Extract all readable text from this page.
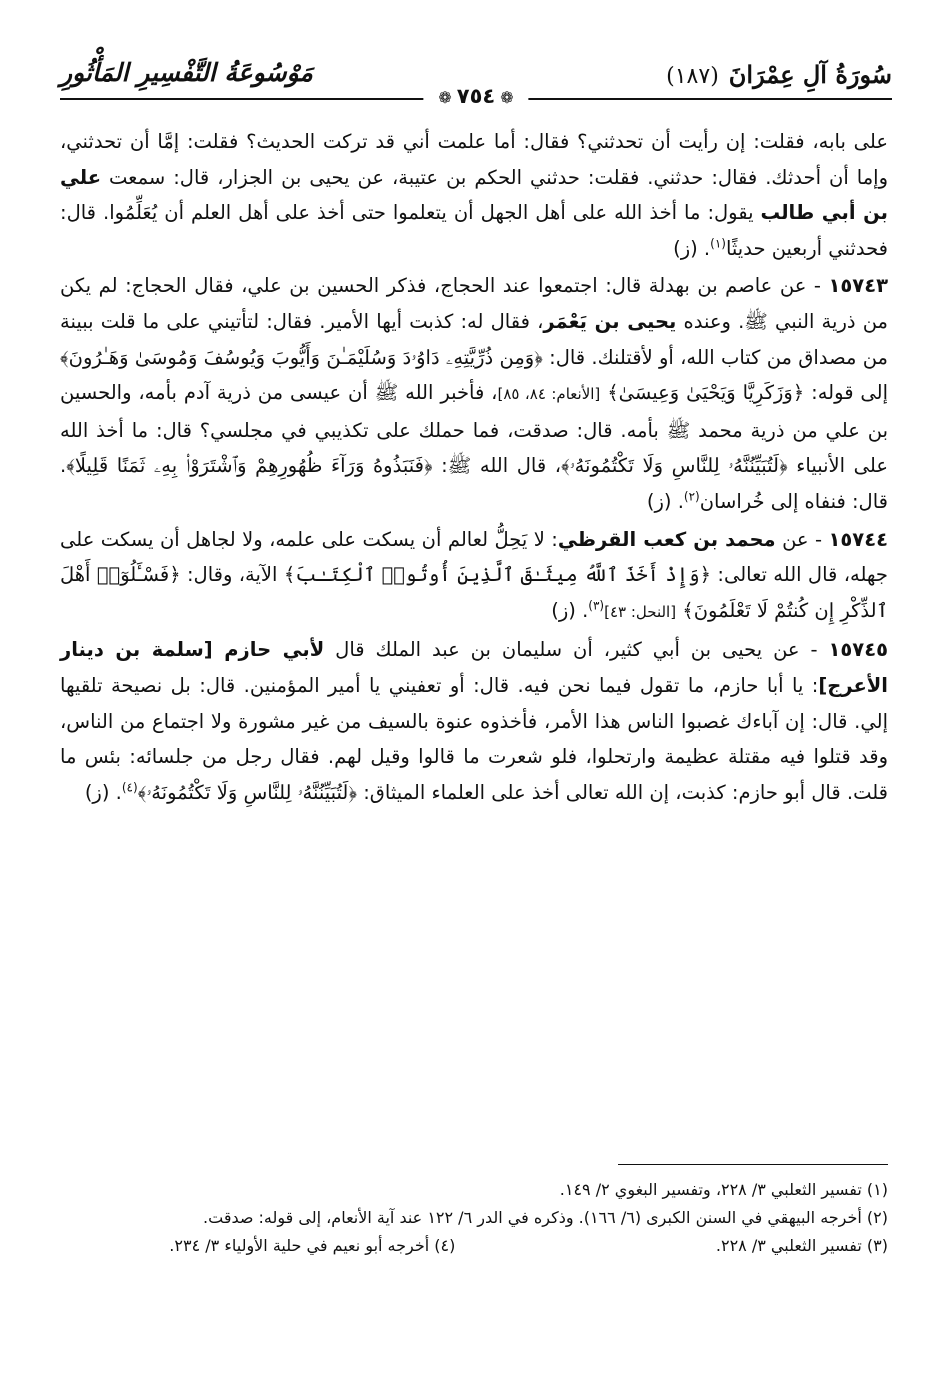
سُورَةُ آلِ عِمْرَانَ
(١٨٧)
مَوْسُوعَةُ التَّفْسِيرِ المَأْثُورِ
❁٧٥٤❁

على بابه، فقلت: إن رأيت أن تحدثني؟ فقال: أما علمت أني قد تركت الحديث؟ فقلت: إمَّا أن تحدثني، وإما أن أحدثك. فقال: حدثني. فقلت: حدثني الحكم بن عتيبة، عن يحيى بن الجزار، قال: سمعت علي بن أبي طالب يقول: ما أخذ الله على أهل الجهل أن يتعلموا حتى أخذ على أهل العلم أن يُعَلِّمُوا. قال: فحدثني أربعين حديثًا$^{(١)}$. (ز)

١٥٧٤٣ - عن عاصم بن بهدلة قال: اجتمعوا عند الحجاج، فذكر الحسين بن علي، فقال الحجاج: لم يكن من ذرية النبي ﷺ. وعنده يحيى بن يَعْمَر، فقال له: كذبت أيها الأمير. فقال: لتأتيني على ما قلت ببينة من مصداق من كتاب الله، أو لأقتلنك. قال: ﴿وَمِن ذُرِّيَّتِهِۦ دَاوُۥدَ وَسُلَيْمَـٰنَ وَأَيُّوبَ وَيُوسُفَ وَمُوسَىٰ وَهَـٰرُونَ﴾ إلى قوله: ﴿وَزَكَرِيَّا وَيَحْيَىٰ وَعِيسَىٰ﴾ [الأنعام: ٨٤، ٨٥]، فأخبر الله ﷺ أن عيسى من ذرية آدم بأمه، والحسين بن علي من ذرية محمد ﷺ بأمه. قال: صدقت، فما حملك على تكذيبي في مجلسي؟ قال: ما أخذ الله على الأنبياء ﴿لَتُبَيِّنُنَّهُۥ لِلنَّاسِ وَلَا تَكْتُمُونَهُۥ﴾، قال الله ﷺ: ﴿فَنَبَذُوهُ وَرَآءَ ظُهُورِهِمْ وَٱشْتَرَوْا۟ بِهِۦ ثَمَنًا قَلِيلًا﴾. قال: فنفاه إلى خُراسان$^{(٢)}$. (ز)

١٥٧٤٤ - عن محمد بن كعب القرظي: لا يَحِلُّ لعالم أن يسكت على علمه، ولا لجاهل أن يسكت على جهله، قال الله تعالى: ﴿وَإِذْ أَخَذَ ٱللَّهُ مِيثَـٰقَ ٱلَّذِينَ أُوتُوا۟ ٱلْكِتَـٰبَ﴾ الآية، وقال: ﴿فَسْـَٔلُوٓا۟ أَهْلَ ٱلذِّكْرِ إِن كُنتُمْ لَا تَعْلَمُونَ﴾ [النحل: ٤٣]$^{(٣)}$. (ز)

١٥٧٤٥ - عن يحيى بن أبي كثير، أن سليمان بن عبد الملك قال لأبي حازم [سلمة بن دينار الأعرج]: يا أبا حازم، ما تقول فيما نحن فيه. قال: أو تعفيني يا أمير المؤمنين. قال: بل نصيحة تلقيها إلي. قال: إن آباءك غصبوا الناس هذا الأمر، فأخذوه عنوة بالسيف من غير مشورة ولا اجتماع من الناس، وقد قتلوا فيه مقتلة عظيمة وارتحلوا، فلو شعرت ما قالوا وقيل لهم. فقال رجل من جلسائه: بئس ما قلت. قال أبو حازم: كذبت، إن الله تعالى أخذ على العلماء الميثاق: ﴿لَتُبَيِّنُنَّهُۥ لِلنَّاسِ وَلَا تَكْتُمُونَهُۥ﴾$^{(٤)}$. (ز)

(١) تفسير الثعلبي ٣/ ٢٢٨، وتفسير البغوي ٢/ ١٤٩.

(٢) أخرجه البيهقي في السنن الكبرى (٦/ ١٦٦). وذكره في الدر ٦/ ١٢٢ عند آية الأنعام، إلى قوله: صدقت.

(٣) تفسير الثعلبي ٣/ ٢٢٨.

(٤) أخرجه أبو نعيم في حلية الأولياء ٣/ ٢٣٤.
